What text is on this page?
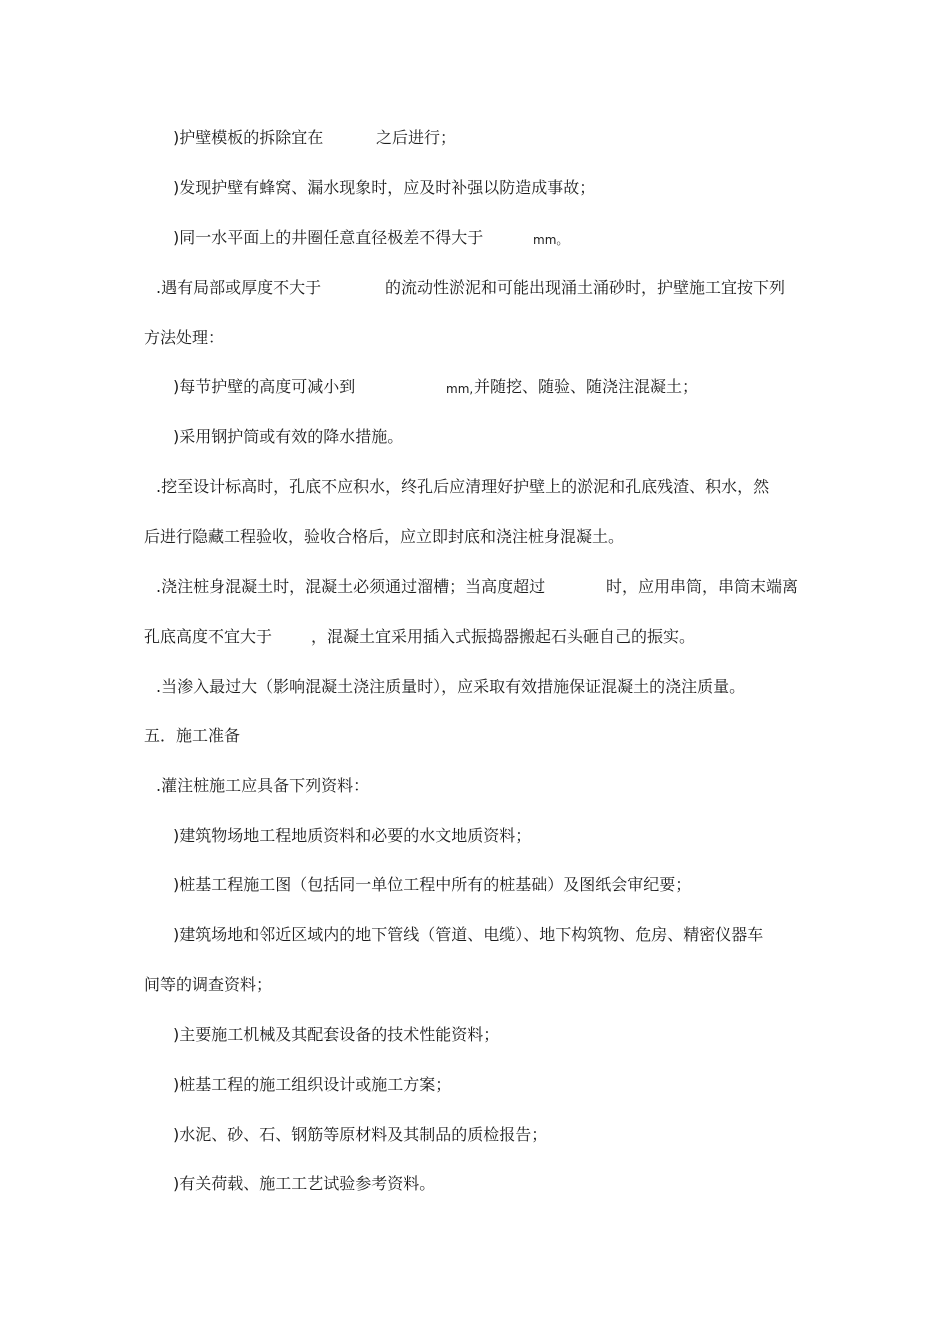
)护壁模板的拆除宜在	之后进行；
)发现护壁有蜂窝、漏水现象时，应及时补强以防造成事故；
)同一水平面上的井圈任意直径极差不得大于	mm。
.遇有局部或厚度不大于	的流动性淤泥和可能出现涌土涌砂时，护壁施工宜按下列
方法处理：
)每节护壁的高度可减小到	mm, 并随挖、随验、随浇注混凝土；
)采用钢护筒或有效的降水措施。
.挖至设计标高时，孔底不应积水，终孔后应清理好护壁上的淤泥和孔底残渣、积水，然
后进行隐藏工程验收，验收合格后，应立即封底和浇注桩身混凝土。
.浇注桩身混凝土时，混凝土必须通过溜槽；当高度超过	时，应用串筒，串筒末端离
孔底高度不宜大于 ，混凝土宜采用插入式振捣器搬起石头砸自己的振实。
.当渗入最过大（影响混凝土浇注质量时），应采取有效措施保证混凝土的浇注质量。
五．施工准备
.灌注桩施工应具备下列资料：
)建筑物场地工程地质资料和必要的水文地质资料；
)桩基工程施工图（包括同一单位工程中所有的桩基础）及图纸会审纪要；
)建筑场地和邻近区域内的地下管线（管道、电缆）、地下构筑物、危房、精密仪器车
间等的调查资料；
)主要施工机械及其配套设备的技术性能资料；
)桩基工程的施工组织设计或施工方案；
)水泥、砂、石、钢筋等原材料及其制品的质检报告；
)有关荷载、施工工艺试验参考资料。
